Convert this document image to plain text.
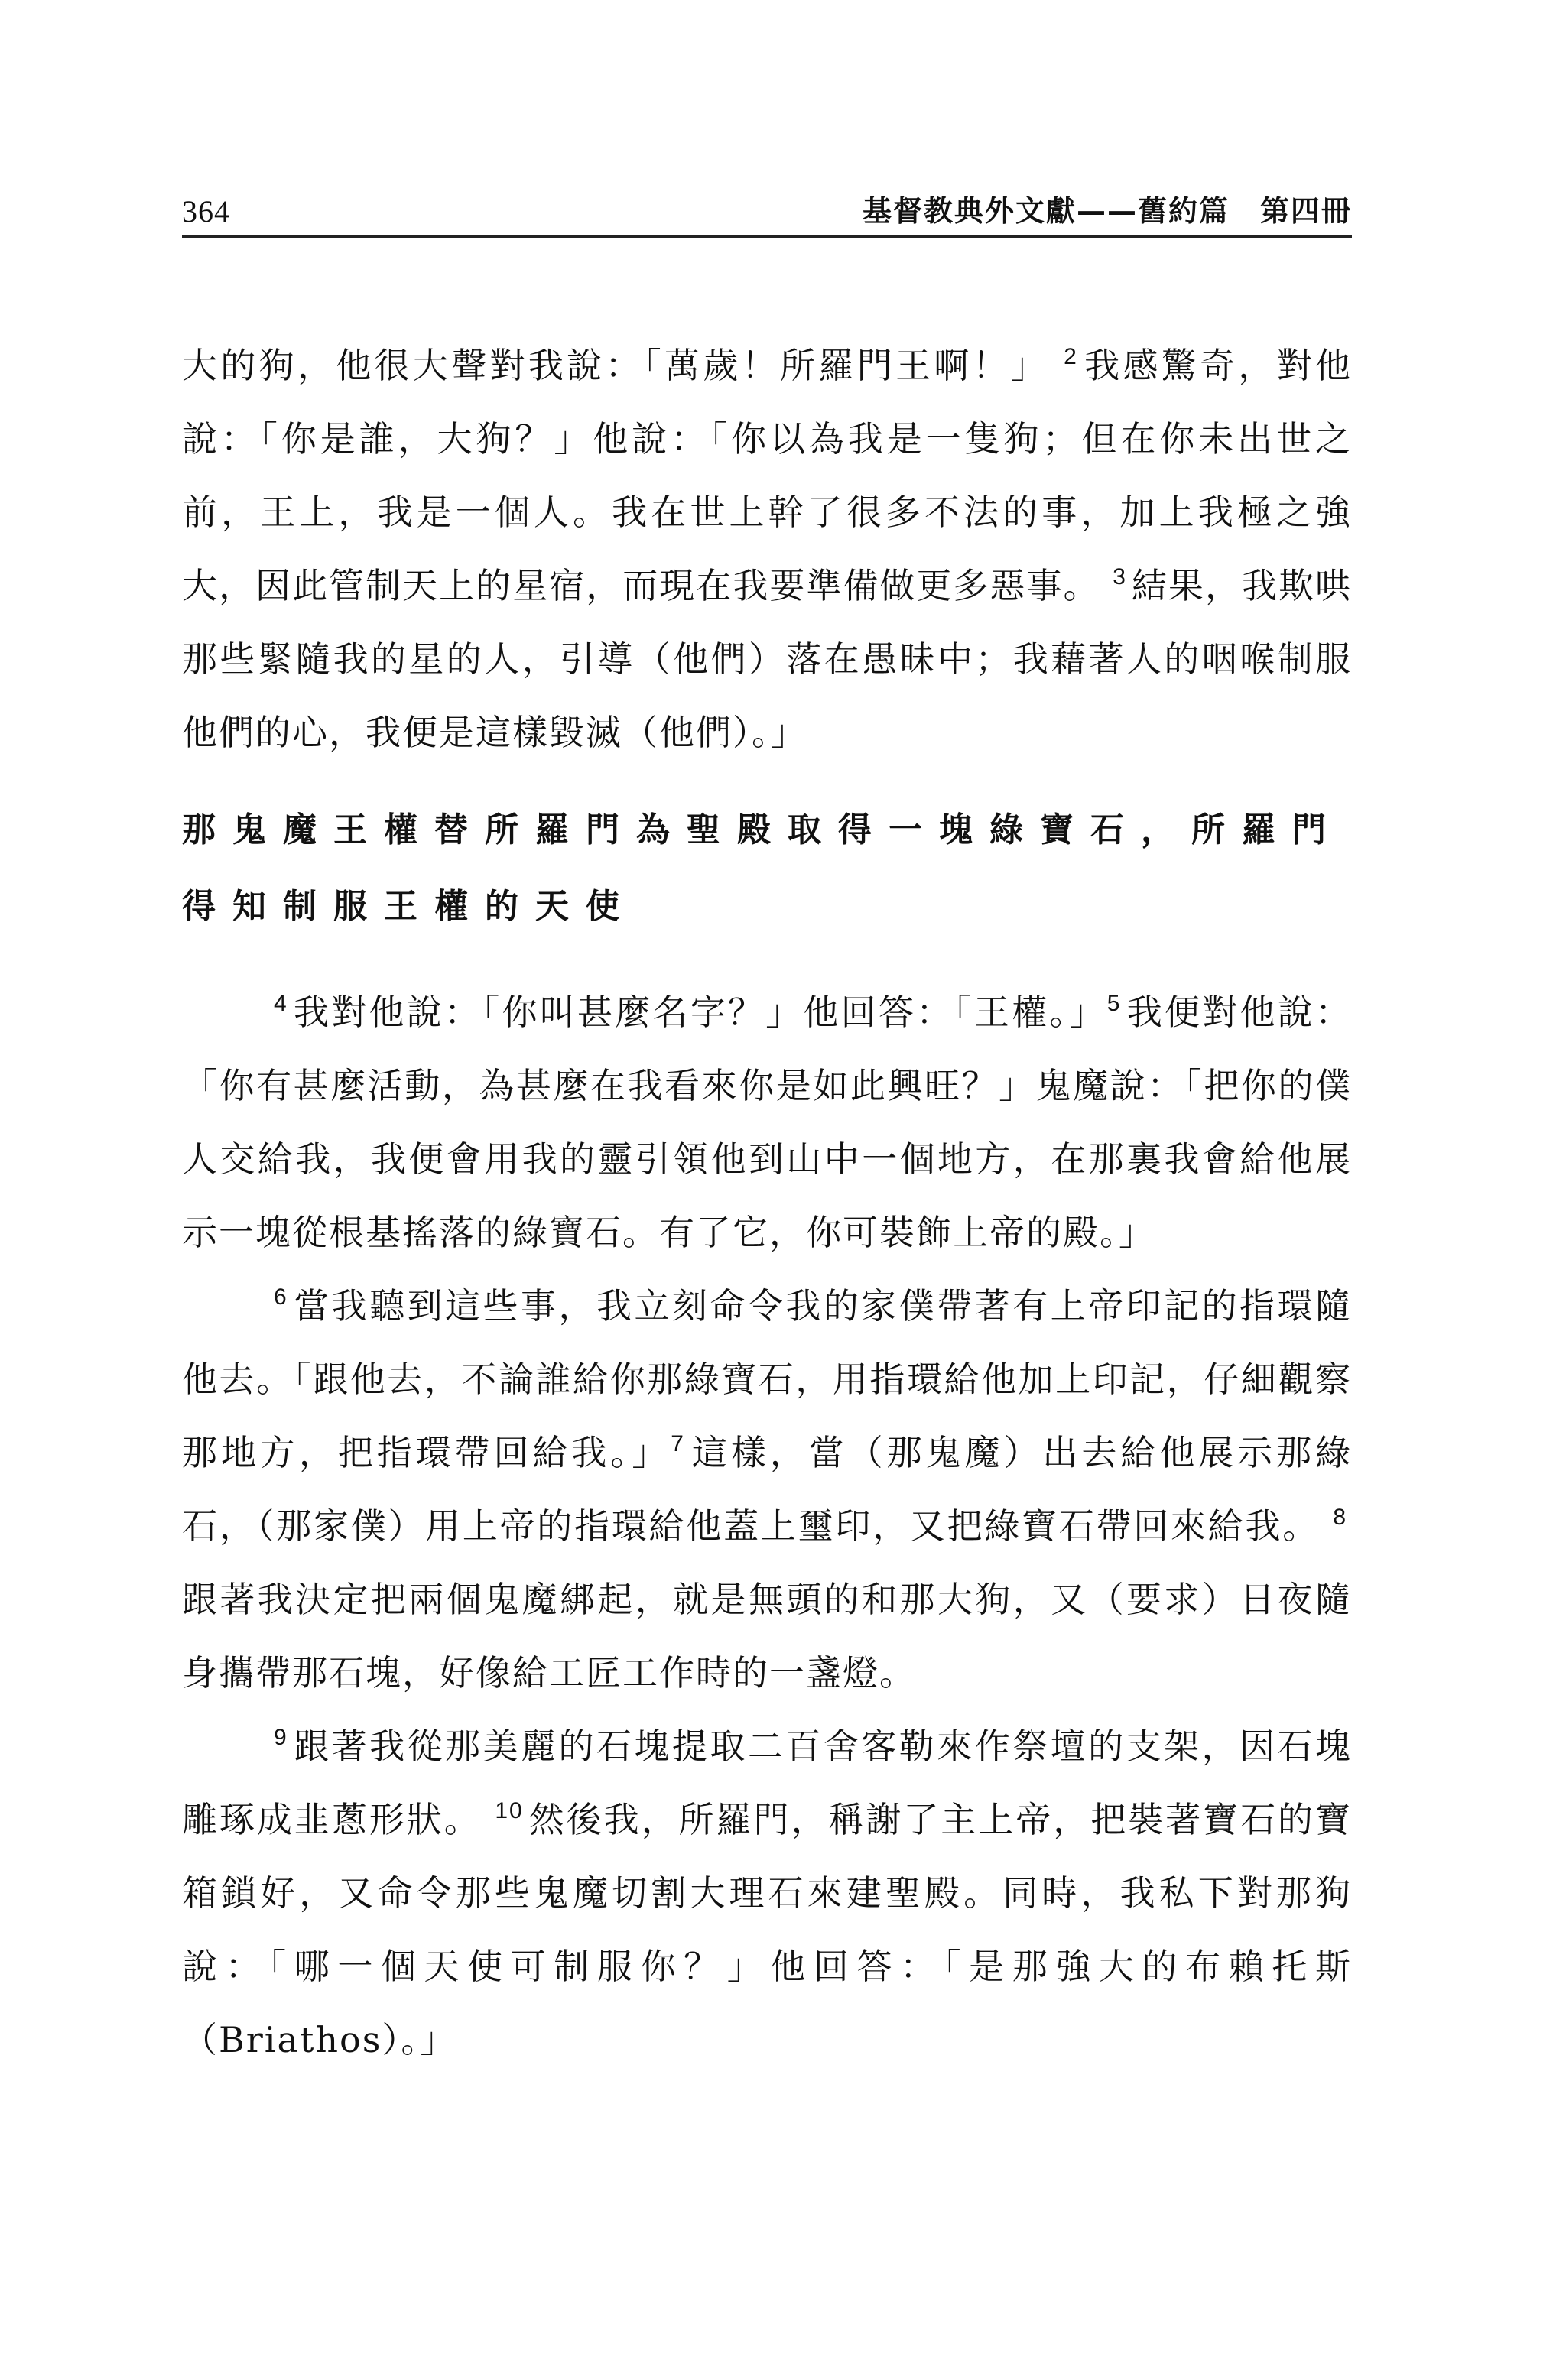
364	基督教典外文獻——舊約篇 第四冊

大的狗，他很大聲對我說：「萬歲！所羅門王啊！」 $^2$ 我感驚奇，對他說：「你是誰，大狗？」他說：「你以為我是一隻狗；但在你未出世之前，王上，我是一個人。我在世上幹了很多不法的事，加上我極之強大，因此管制天上的星宿，而現在我要準備做更多惡事。 $^3$ 結果，我欺哄那些緊隨我的星的人，引導（他們）落在愚昧中；我藉著人的咽喉制服他們的心，我便是這樣毀滅（他們）。」

那鬼魔王權替所羅門為聖殿取得一塊綠寶石，所羅門得知制服王權的天使

$^4$ 我對他說：「你叫甚麼名字？」他回答：「王權。」$^5$ 我便對他說：「你有甚麼活動，為甚麼在我看來你是如此興旺？」鬼魔說：「把你的僕人交給我，我便會用我的靈引領他到山中一個地方，在那裏我會給他展示一塊從根基搖落的綠寶石。有了它，你可裝飾上帝的殿。」

$^6$ 當我聽到這些事，我立刻命令我的家僕帶著有上帝印記的指環隨他去。「跟他去，不論誰給你那綠寶石，用指環給他加上印記，仔細觀察那地方，把指環帶回給我。」$^7$ 這樣，當（那鬼魔）出去給他展示那綠石，（那家僕）用上帝的指環給他蓋上璽印，又把綠寶石帶回來給我。 $^8$跟著我決定把兩個鬼魔綁起，就是無頭的和那大狗，又（要求）日夜隨身攜帶那石塊，好像給工匠工作時的一盞燈。

$^9$ 跟著我從那美麗的石塊提取二百舍客勒來作祭壇的支架，因石塊雕琢成韭蔥形狀。 $^{10}$ 然後我，所羅門，稱謝了主上帝，把裝著寶石的寶箱鎖好，又命令那些鬼魔切割大理石來建聖殿。同時，我私下對那狗說：「哪一個天使可制服你？」他回答：「是那強大的布賴托斯（Briathos）。」
